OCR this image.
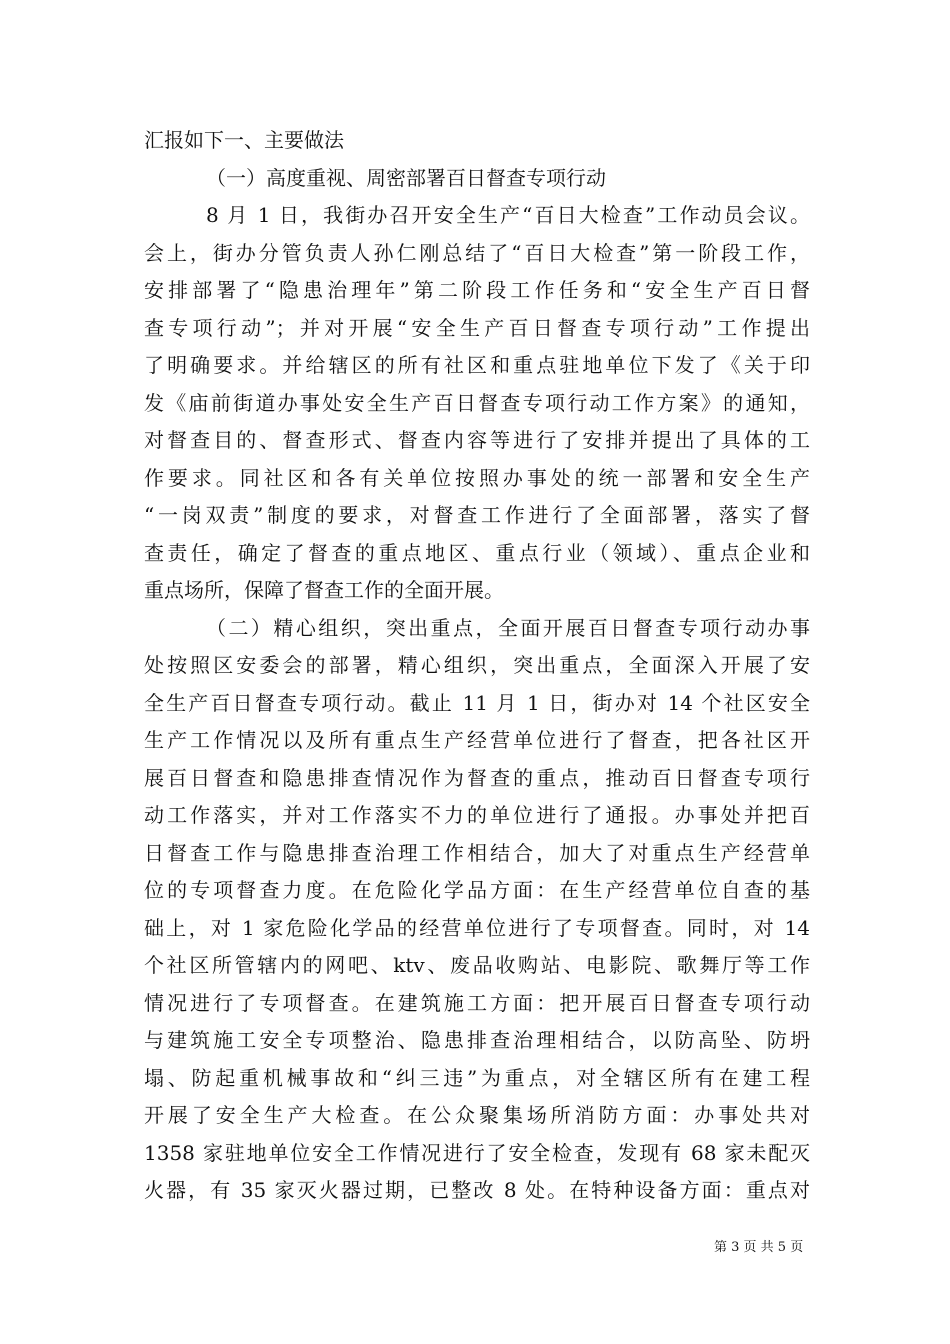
汇报如下一、主要做法
（一）高度重视、周密部署百日督查专项行动
8 月 1 日，我街办召开安全生产“百日大检查”工作动员会议。
会上，街办分管负责人孙仁刚总结了“百日大检查”第一阶段工作，
安排部署了“隐患治理年”第二阶段工作任务和“安全生产百日督
查专项行动”；并对开展“安全生产百日督查专项行动”工作提出
了明确要求。并给辖区的所有社区和重点驻地单位下发了《关于印
发《庙前街道办事处安全生产百日督查专项行动工作方案》的通知，
对督查目的、督查形式、督查内容等进行了安排并提出了具体的工
作要求。同社区和各有关单位按照办事处的统一部署和安全生产
“一岗双责”制度的要求，对督查工作进行了全面部署，落实了督
查责任，确定了督查的重点地区、重点行业（领域）、重点企业和
重点场所，保障了督查工作的全面开展。
（二）精心组织，突出重点，全面开展百日督查专项行动办事
处按照区安委会的部署，精心组织，突出重点，全面深入开展了安
全生产百日督查专项行动。截止 11 月 1 日，街办对 14 个社区安全
生产工作情况以及所有重点生产经营单位进行了督查，把各社区开
展百日督查和隐患排查情况作为督查的重点，推动百日督查专项行
动工作落实，并对工作落实不力的单位进行了通报。办事处并把百
日督查工作与隐患排查治理工作相结合，加大了对重点生产经营单
位的专项督查力度。在危险化学品方面：在生产经营单位自查的基
础上，对 1 家危险化学品的经营单位进行了专项督查。同时，对 14
个社区所管辖内的网吧、ktv、废品收购站、电影院、歌舞厅等工作
情况进行了专项督查。在建筑施工方面：把开展百日督查专项行动
与建筑施工安全专项整治、隐患排查治理相结合，以防高坠、防坍
塌、防起重机械事故和“纠三违”为重点，对全辖区所有在建工程
开展了安全生产大检查。在公众聚集场所消防方面：办事处共对
1358 家驻地单位安全工作情况进行了安全检查，发现有 68 家未配灭
火器，有 35 家灭火器过期，已整改 8 处。在特种设备方面：重点对
第 3 页 共 5 页
